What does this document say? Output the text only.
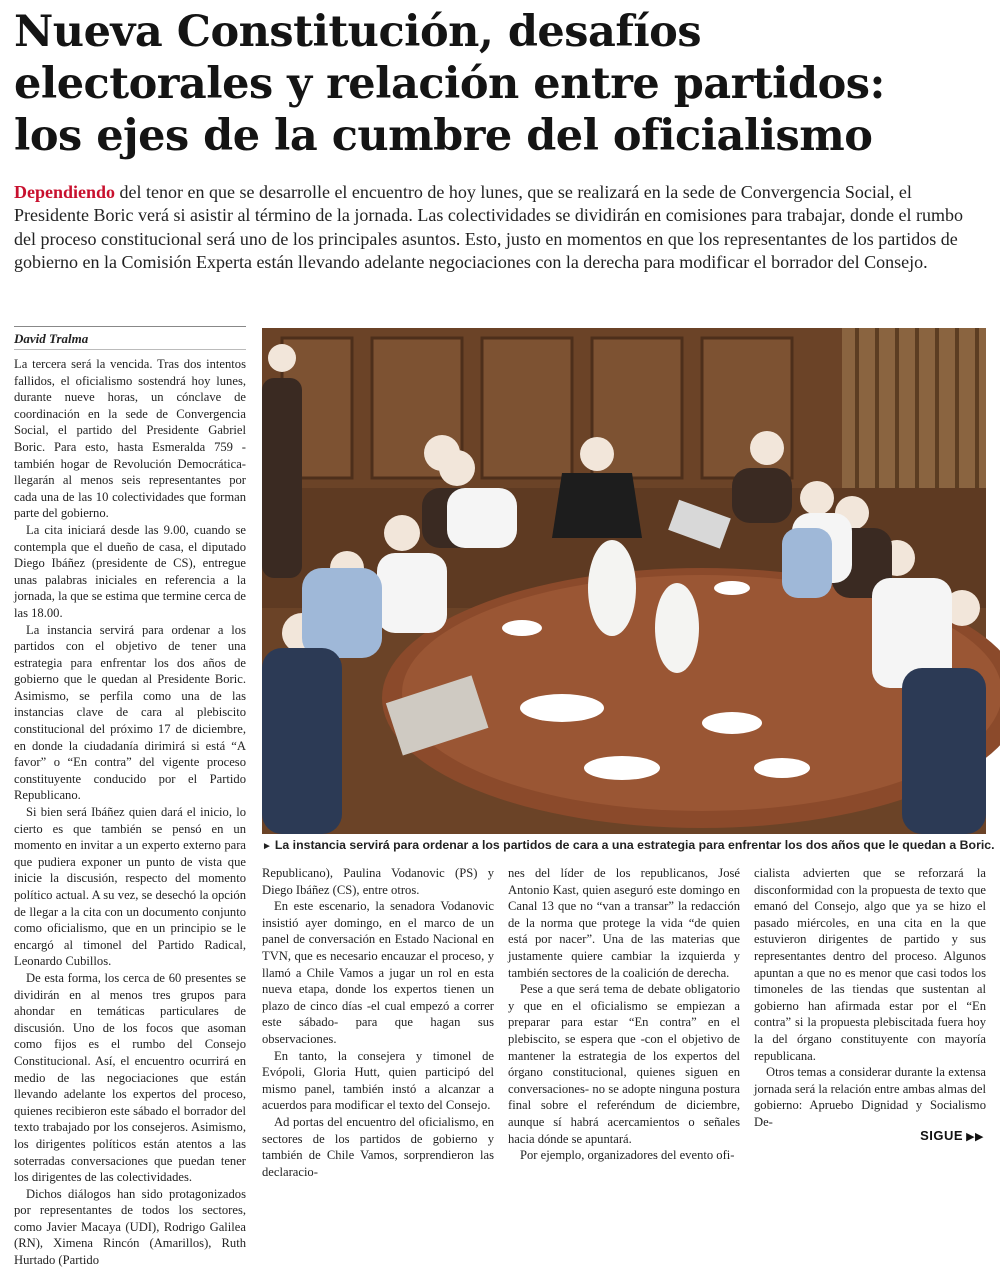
Nueva Constitución, desafíos
electorales y relación entre partidos:
los ejes de la cumbre del oficialismo

Dependiendo del tenor en que se desarrolle el encuentro de hoy lunes, que se realizará en la sede de Convergencia Social, el Presidente Boric verá si asistir al término de la jornada. Las colectividades se dividirán en comisiones para trabajar, donde el rumbo del proceso constitucional será uno de los principales asuntos. Esto, justo en momentos en que los representantes de los partidos de gobierno en la Comisión Experta están llevando adelante negociaciones con la derecha para modificar el borrador del Consejo.

David Tralma

La tercera será la vencida. Tras dos intentos fallidos, el oficialismo sostendrá hoy lunes, durante nueve horas, un cónclave de coordinación en la sede de Convergencia Social, el partido del Presidente Gabriel Boric. Para esto, hasta Esmeralda 759 -también hogar de Revolución Democrática- llegarán al menos seis representantes por cada una de las 10 colectividades que forman parte del gobierno.

La cita iniciará desde las 9.00, cuando se contempla que el dueño de casa, el diputado Diego Ibáñez (presidente de CS), entregue unas palabras iniciales en referencia a la jornada, la que se estima que termine cerca de las 18.00.

La instancia servirá para ordenar a los partidos con el objetivo de tener una estrategia para enfrentar los dos años de gobierno que le quedan al Presidente Boric. Asimismo, se perfila como una de las instancias clave de cara al plebiscito constitucional del próximo 17 de diciembre, en donde la ciudadanía dirimirá si está “A favor” o “En contra” del vigente proceso constituyente conducido por el Partido Republicano.

Si bien será Ibáñez quien dará el inicio, lo cierto es que también se pensó en un momento en invitar a un experto externo para que pudiera exponer un punto de vista que inicie la discusión, respecto del momento político actual. A su vez, se desechó la opción de llegar a la cita con un documento conjunto como oficialismo, que en un principio se le encargó al timonel del Partido Radical, Leonardo Cubillos.

De esta forma, los cerca de 60 presentes se dividirán en al menos tres grupos para ahondar en temáticas particulares de discusión. Uno de los focos que asoman como fijos es el rumbo del Consejo Constitucional. Así, el encuentro ocurrirá en medio de las negociaciones que están llevando adelante los expertos del proceso, quienes recibieron este sábado el borrador del texto trabajado por los consejeros. Asimismo, los dirigentes políticos están atentos a las soterradas conversaciones que puedan tener los dirigentes de las colectividades.

Dichos diálogos han sido protagonizados por representantes de todos los sectores, como Javier Macaya (UDI), Rodrigo Galilea (RN), Ximena Rincón (Amarillos), Ruth Hurtado (Partido

► La instancia servirá para ordenar a los partidos de cara a una estrategia para enfrentar los dos años que le quedan a Boric.

Republicano), Paulina Vodanovic (PS) y Diego Ibáñez (CS), entre otros.

En este escenario, la senadora Vodanovic insistió ayer domingo, en el marco de un panel de conversación en Estado Nacional en TVN, que es necesario encauzar el proceso, y llamó a Chile Vamos a jugar un rol en esta nueva etapa, donde los expertos tienen un plazo de cinco días -el cual empezó a correr este sábado- para que hagan sus observaciones.

En tanto, la consejera y timonel de Evópoli, Gloria Hutt, quien participó del mismo panel, también instó a alcanzar a acuerdos para modificar el texto del Consejo.

Ad portas del encuentro del oficialismo, en sectores de los partidos de gobierno y también de Chile Vamos, sorprendieron las declaracio-

nes del líder de los republicanos, José Antonio Kast, quien aseguró este domingo en Canal 13 que no “van a transar” la redacción de la norma que protege la vida “de quien está por nacer”. Una de las materias que justamente quiere cambiar la izquierda y también sectores de la coalición de derecha.

Pese a que será tema de debate obligatorio y que en el oficialismo se empiezan a preparar para estar “En contra” en el plebiscito, se espera que -con el objetivo de mantener la estrategia de los expertos del órgano constitucional, quienes siguen en conversaciones- no se adopte ninguna postura final sobre el referéndum de diciembre, aunque sí habrá acercamientos o señales hacia dónde se apuntará.

Por ejemplo, organizadores del evento ofi-

cialista advierten que se reforzará la disconformidad con la propuesta de texto que emanó del Consejo, algo que ya se hizo el pasado miércoles, en una cita en la que estuvieron dirigentes de partido y sus representantes dentro del proceso. Algunos apuntan a que no es menor que casi todos los timoneles de las tiendas que sustentan al gobierno han afirmada estar por el “En contra” si la propuesta plebiscitada fuera hoy la del órgano constituyente con mayoría republicana.

Otros temas a considerar durante la extensa jornada será la relación entre ambas almas del gobierno: Apruebo Dignidad y Socialismo De-

SIGUE ▶▶
